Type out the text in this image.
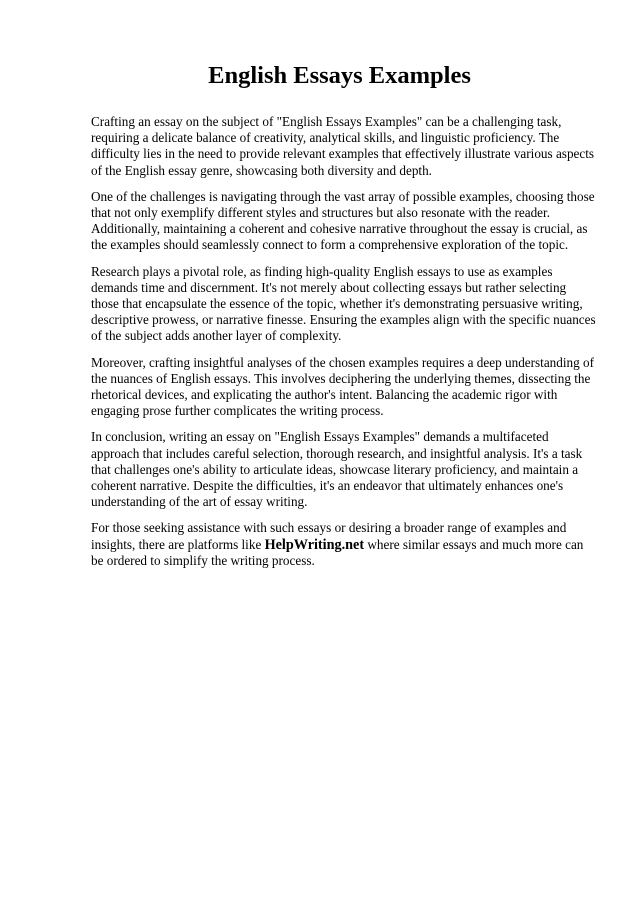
English Essays Examples

Crafting an essay on the subject of "English Essays Examples" can be a challenging task, requiring a delicate balance of creativity, analytical skills, and linguistic proficiency. The difficulty lies in the need to provide relevant examples that effectively illustrate various aspects of the English essay genre, showcasing both diversity and depth.

One of the challenges is navigating through the vast array of possible examples, choosing those that not only exemplify different styles and structures but also resonate with the reader. Additionally, maintaining a coherent and cohesive narrative throughout the essay is crucial, as the examples should seamlessly connect to form a comprehensive exploration of the topic.

Research plays a pivotal role, as finding high-quality English essays to use as examples demands time and discernment. It's not merely about collecting essays but rather selecting those that encapsulate the essence of the topic, whether it's demonstrating persuasive writing, descriptive prowess, or narrative finesse. Ensuring the examples align with the specific nuances of the subject adds another layer of complexity.

Moreover, crafting insightful analyses of the chosen examples requires a deep understanding of the nuances of English essays. This involves deciphering the underlying themes, dissecting the rhetorical devices, and explicating the author's intent. Balancing the academic rigor with engaging prose further complicates the writing process.

In conclusion, writing an essay on "English Essays Examples" demands a multifaceted approach that includes careful selection, thorough research, and insightful analysis. It's a task that challenges one's ability to articulate ideas, showcase literary proficiency, and maintain a coherent narrative. Despite the difficulties, it's an endeavor that ultimately enhances one's understanding of the art of essay writing.

For those seeking assistance with such essays or desiring a broader range of examples and insights, there are platforms like HelpWriting.net where similar essays and much more can be ordered to simplify the writing process.
